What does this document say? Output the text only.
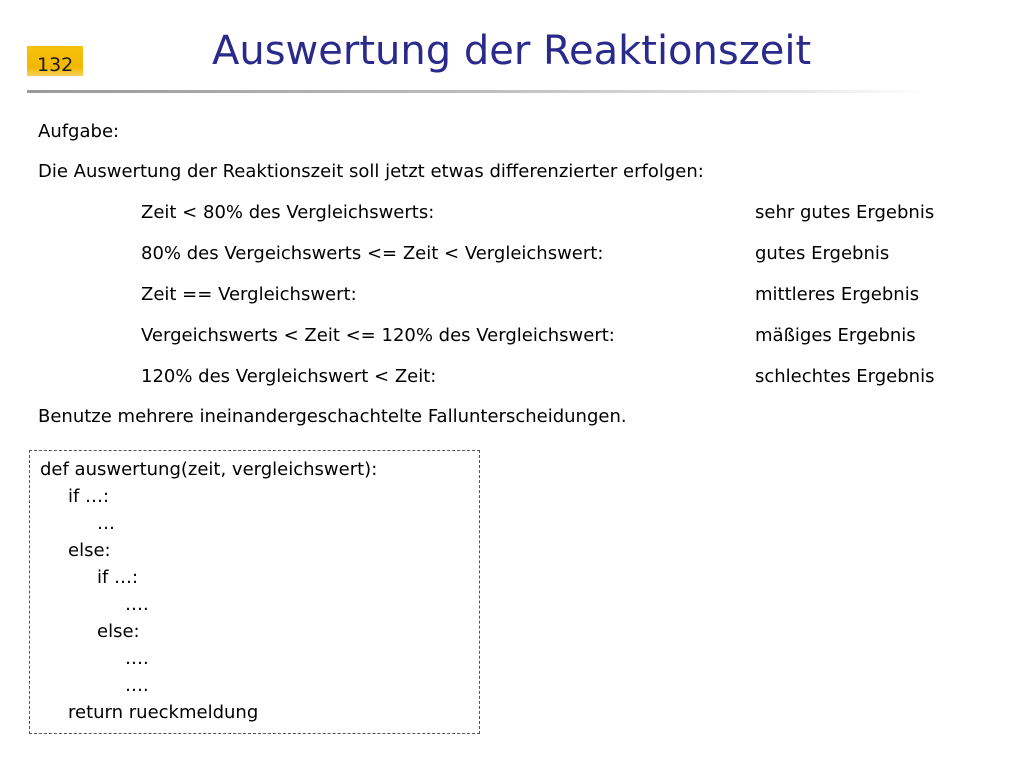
132	Auswertung der Reaktionszeit
Aufgabe:
Die Auswertung der Reaktionszeit soll jetzt etwas differenzierter erfolgen:
Zeit < 80% des Vergleichswerts:	sehr gutes Ergebnis
80% des Vergeichswerts <= Zeit < Vergleichswert:	gutes Ergebnis
Zeit == Vergleichswert:	mittleres Ergebnis
Vergeichswerts < Zeit <= 120% des Vergleichswert:	mäßiges Ergebnis
120% des Vergleichswert < Zeit:	schlechtes Ergebnis
Benutze mehrere ineinandergeschachtelte Fallunterscheidungen.
def auswertung(zeit, vergleichswert):
if …:
…
else:
if …:
….
else:
….
….
return rueckmeldung
